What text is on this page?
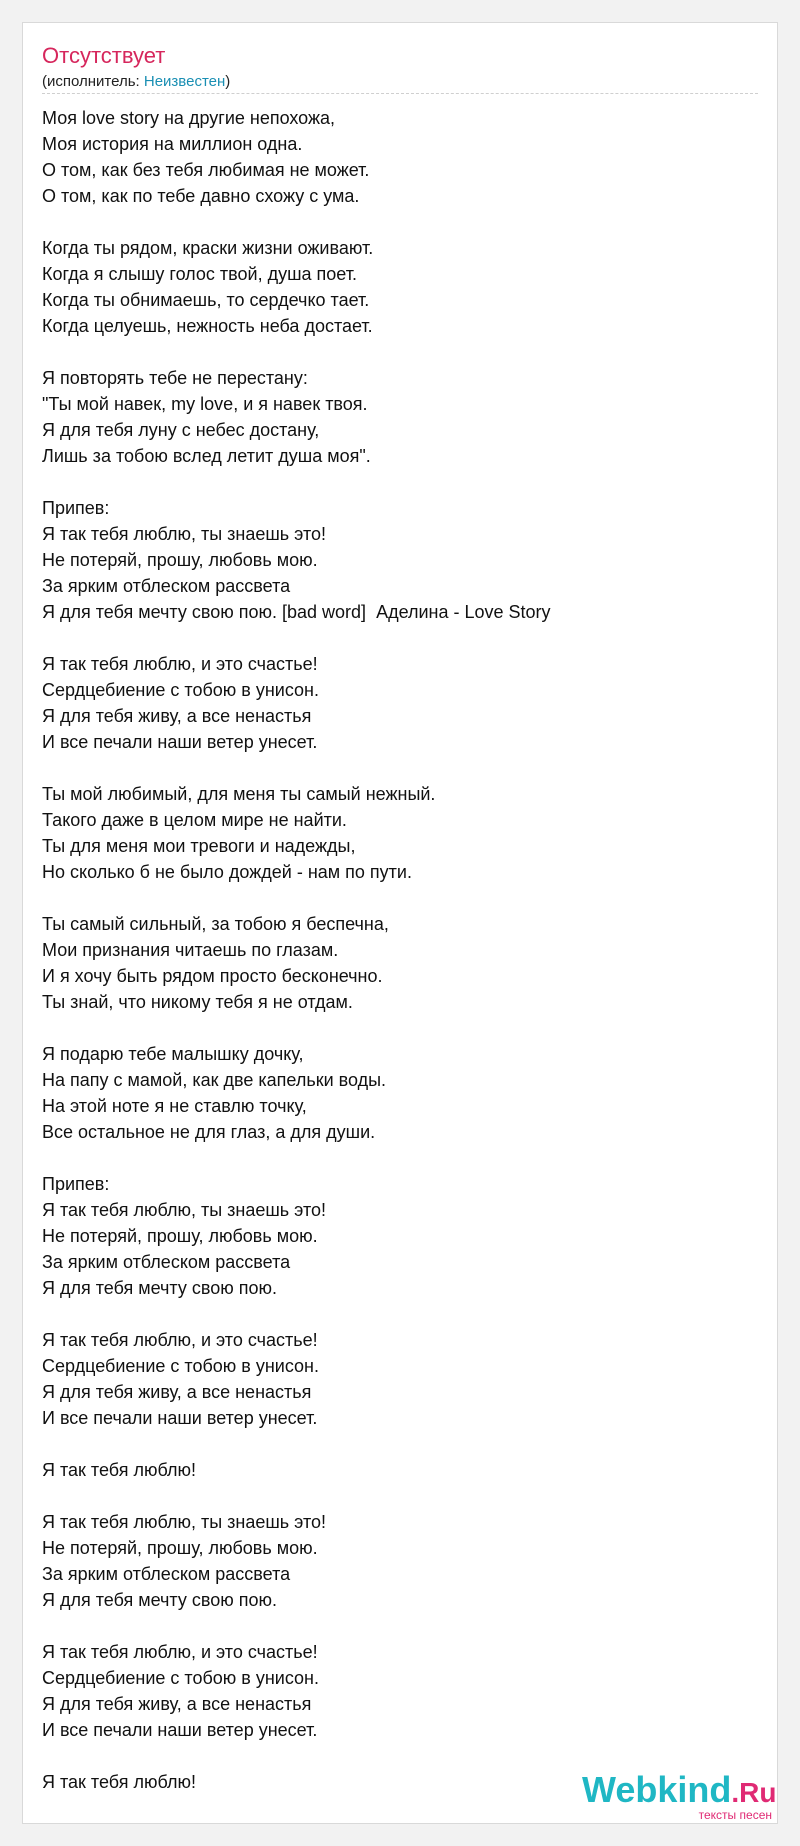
Отсутствует
(исполнитель: Неизвестен)
Моя love story на другие непохожа,
Моя история на миллион одна.
О том, как без тебя любимая не может.
О том, как по тебе давно схожу с ума.
Когда ты рядом, краски жизни оживают.
Когда я слышу голос твой, душа поет.
Когда ты обнимаешь, то сердечко тает.
Когда целуешь, нежность неба достает.
Я повторять тебе не перестану:
"Ты мой навек, my love, и я навек твоя.
Я для тебя луну с небес достану,
Лишь за тобою вслед летит душа моя".
Припев:
Я так тебя люблю, ты знаешь это!
Не потеряй, прошу, любовь мою.
За ярким отблеском рассвета
Я для тебя мечту свою пою. [bad word]  Аделина - Love Story
Я так тебя люблю, и это счастье!
Сердцебиение с тобою в унисон.
Я для тебя живу, а все ненастья
И все печали наши ветер унесет.
Ты мой любимый, для меня ты самый нежный.
Такого даже в целом мире не найти.
Ты для меня мои тревоги и надежды,
Но сколько б не было дождей - нам по пути.
Ты самый сильный, за тобою я беспечна,
Мои признания читаешь по глазам.
И я хочу быть рядом просто бесконечно.
Ты знай, что никому тебя я не отдам.
Я подарю тебе малышку дочку,
На папу с мамой, как две капельки воды.
На этой ноте я не ставлю точку,
Все остальное не для глаз, а для души.
Припев:
Я так тебя люблю, ты знаешь это!
Не потеряй, прошу, любовь мою.
За ярким отблеском рассвета
Я для тебя мечту свою пою.
Я так тебя люблю, и это счастье!
Сердцебиение с тобою в унисон.
Я для тебя живу, а все ненастья
И все печали наши ветер унесет.
Я так тебя люблю!
Я так тебя люблю, ты знаешь это!
Не потеряй, прошу, любовь мою.
За ярким отблеском рассвета
Я для тебя мечту свою пою.
Я так тебя люблю, и это счастье!
Сердцебиение с тобою в унисон.
Я для тебя живу, а все ненастья
И все печали наши ветер унесет.
Я так тебя люблю!	Webkind.Ru
тексты песен
